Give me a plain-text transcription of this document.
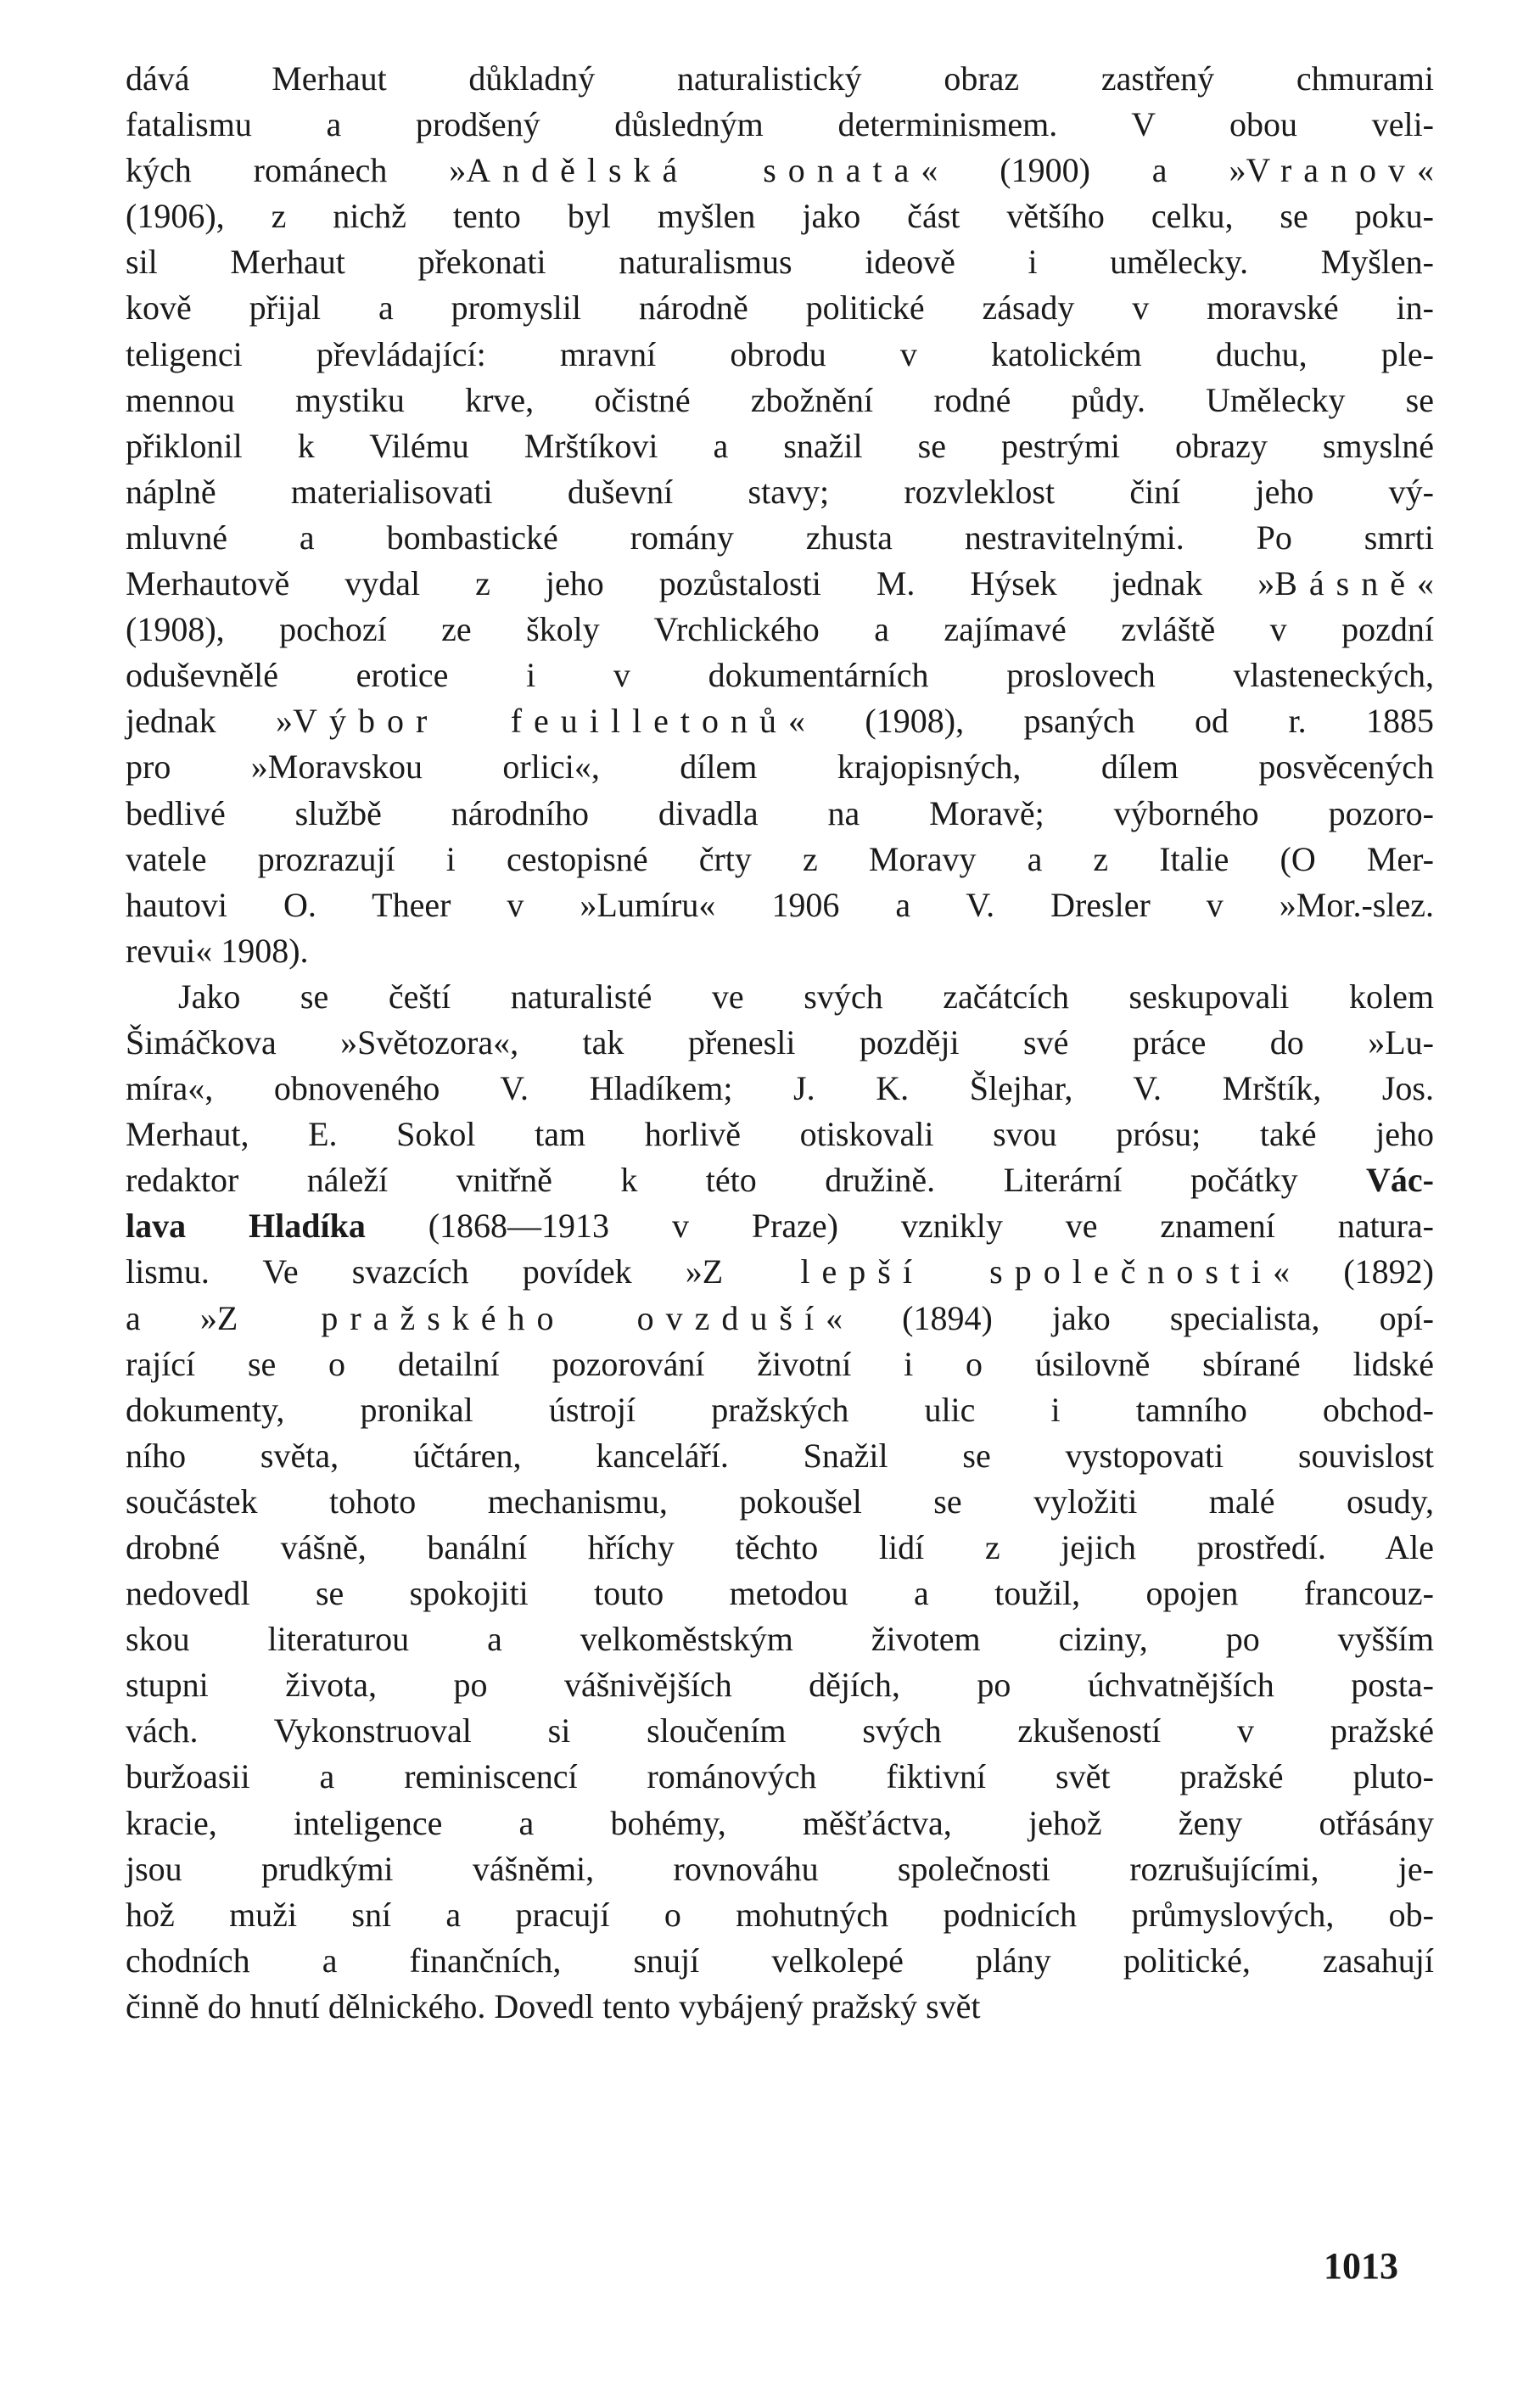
dává Merhaut důkladný naturalistický obraz zastřený chmurami
fatalismu a prodšený důsledným determinismem. V obou veli-
kých románech »Andělská sonata« (1900) a »Vranov«
(1906), z nichž tento byl myšlen jako část většího celku, se poku-
sil Merhaut překonati naturalismus ideově i umělecky. Myšlen-
kově přijal a promyslil národně politické zásady v moravské in-
teligenci převládající: mravní obrodu v katolickém duchu, ple-
mennou mystiku krve, očistné zbožnění rodné půdy. Umělecky se
přiklonil k Vilému Mrštíkovi a snažil se pestrými obrazy smyslné
náplně materialisovati duševní stavy; rozvleklost činí jeho vý-
mluvné a bombastické romány zhusta nestravitelnými. Po smrti
Merhautově vydal z jeho pozůstalosti M. Hýsek jednak »Básně«
(1908), pochozí ze školy Vrchlického a zajímavé zvláště v pozdní
oduševnělé erotice i v dokumentárních proslovech vlasteneckých,
jednak »Výbor feuilletonů« (1908), psaných od r. 1885
pro »Moravskou orlici«, dílem krajopisných, dílem posvěcených
bedlivé službě národního divadla na Moravě; výborného pozoro-
vatele prozrazují i cestopisné črty z Moravy a z Italie (O Mer-
hautovi O. Theer v »Lumíru« 1906 a V. Dresler v »Mor.-slez.
revui« 1908).
Jako se čeští naturalisté ve svých začátcích seskupovali kolem
Šimáčkova »Světozora«, tak přenesli později své práce do »Lu-
míra«, obnoveného V. Hladíkem; J. K. Šlejhar, V. Mrštík, Jos.
Merhaut, E. Sokol tam horlivě otiskovali svou prósu; také jeho
redaktor náleží vnitřně k této družině. Literární počátky Vác-
lava Hladíka (1868—1913 v Praze) vznikly ve znamení natura-
lismu. Ve svazcích povídek »Z lepší společnosti« (1892)
a »Z pražského ovzduší« (1894) jako specialista, opí-
rající se o detailní pozorování životní i o úsilovně sbírané lidské
dokumenty, pronikal ústrojí pražských ulic i tamního obchod-
ního světa, účtáren, kanceláří. Snažil se vystopovati souvislost
součástek tohoto mechanismu, pokoušel se vyložiti malé osudy,
drobné vášně, banální hříchy těchto lidí z jejich prostředí. Ale
nedovedl se spokojiti touto metodou a toužil, opojen francouz-
skou literaturou a velkoměstským životem ciziny, po vyšším
stupni života, po vášnivějších dějích, po úchvatnějších posta-
vách. Vykonstruoval si sloučením svých zkušeností v pražské
buržoasii a reminiscencí románových fiktivní svět pražské pluto-
kracie, inteligence a bohémy, měšťáctva, jehož ženy otřásány
jsou prudkými vášněmi, rovnováhu společnosti rozrušujícími, je-
hož muži sní a pracují o mohutných podnicích průmyslových, ob-
chodních a finančních, snují velkolepé plány politické, zasahují
činně do hnutí dělnického. Dovedl tento vybájený pražský svět
1013
